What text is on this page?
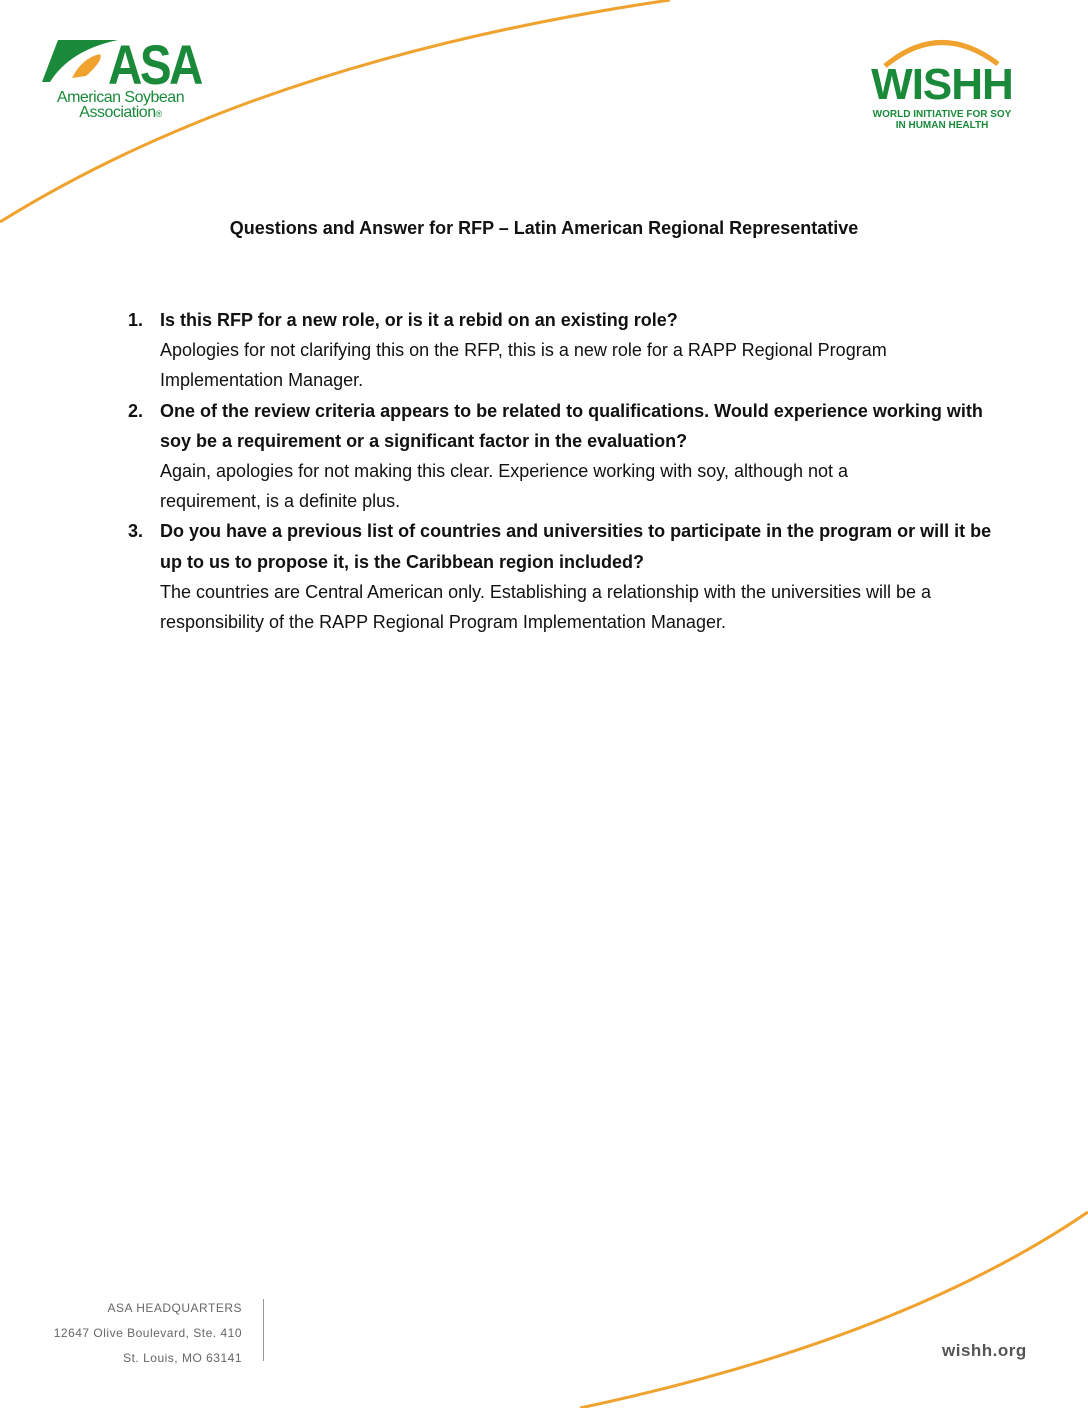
ASA
American Soybean
Association®
WISHH
WORLD INITIATIVE FOR SOY
IN HUMAN HEALTH
Questions and Answer for RFP – Latin American Regional Representative
1. Is this RFP for a new role, or is it a rebid on an existing role?
Apologies for not clarifying this on the RFP, this is a new role for a RAPP Regional Program Implementation Manager.
2. One of the review criteria appears to be related to qualifications. Would experience working with soy be a requirement or a significant factor in the evaluation?
Again, apologies for not making this clear. Experience working with soy, although not a requirement, is a definite plus.
3. Do you have a previous list of countries and universities to participate in the program or will it be up to us to propose it, is the Caribbean region included?
The countries are Central American only. Establishing a relationship with the universities will be a responsibility of the RAPP Regional Program Implementation Manager.
ASA HEADQUARTERS
12647 Olive Boulevard, Ste. 410
St. Louis, MO 63141	wishh.org
